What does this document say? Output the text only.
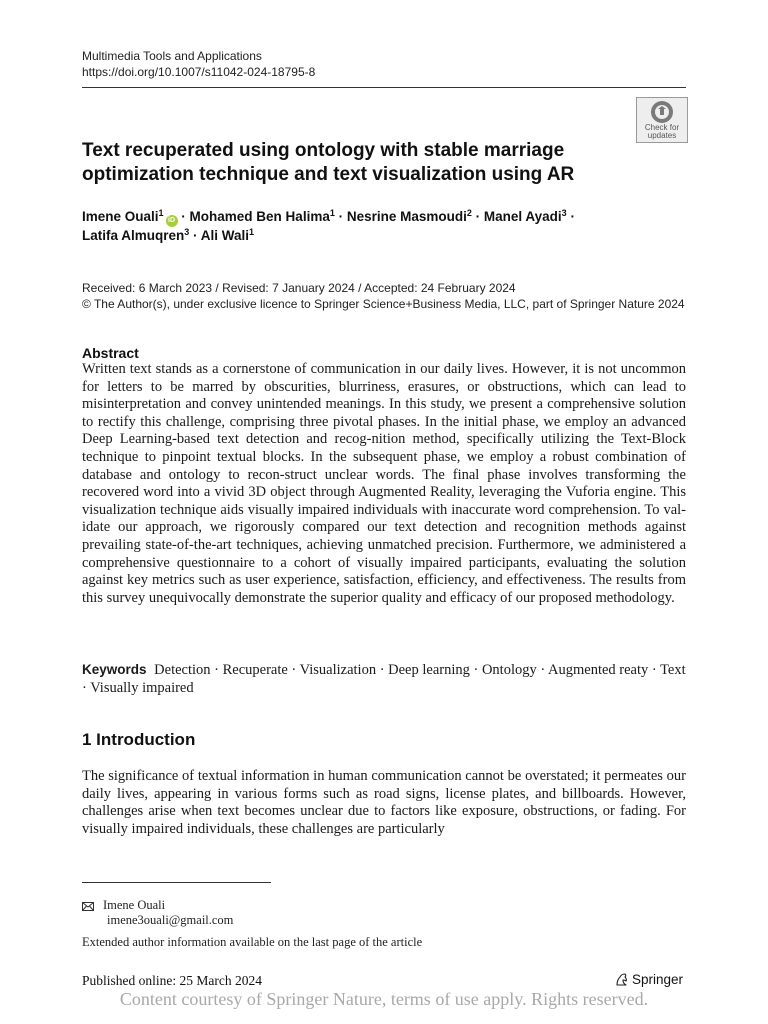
Multimedia Tools and Applications
https://doi.org/10.1007/s11042-024-18795-8
Check for
updates
Text recuperated using ontology with stable marriage optimization technique and text visualization using AR
Imene Ouali$^1$iD · Mohamed Ben Halima$^1$ · Nesrine Masmoudi$^2$ · Manel Ayadi$^3$ ·
Latifa Almuqren$^3$ · Ali Wali$^1$
Received: 6 March 2023 / Revised: 7 January 2024 / Accepted: 24 February 2024
© The Author(s), under exclusive licence to Springer Science+Business Media, LLC, part of Springer Nature 2024
Abstract
Written text stands as a cornerstone of communication in our daily lives. However, it is not uncommon for letters to be marred by obscurities, blurriness, erasures, or obstructions, which can lead to misinterpretation and convey unintended meanings. In this study, we present a comprehensive solution to rectify this challenge, comprising three pivotal phases. In the initial phase, we employ an advanced Deep Learning-based text detection and recog-nition method, specifically utilizing the Text-Block technique to pinpoint textual blocks. In the subsequent phase, we employ a robust combination of database and ontology to recon-struct unclear words. The final phase involves transforming the recovered word into a vivid 3D object through Augmented Reality, leveraging the Vuforia engine. This visualization technique aids visually impaired individuals with inaccurate word comprehension. To val-idate our approach, we rigorously compared our text detection and recognition methods against prevailing state-of-the-art techniques, achieving unmatched precision. Furthermore, we administered a comprehensive questionnaire to a cohort of visually impaired participants, evaluating the solution against key metrics such as user experience, satisfaction, efficiency, and effectiveness. The results from this survey unequivocally demonstrate the superior quality and efficacy of our proposed methodology.
Keywords Detection · Recuperate · Visualization · Deep learning · Ontology · Augmented reaty · Text · Visually impaired
1 Introduction
The significance of textual information in human communication cannot be overstated; it permeates our daily lives, appearing in various forms such as road signs, license plates, and billboards. However, challenges arise when text becomes unclear due to factors like exposure, obstructions, or fading. For visually impaired individuals, these challenges are particularly
Imene Ouali
imene3ouali@gmail.com
Extended author information available on the last page of the article
Published online: 25 March 2024	Springer
Content courtesy of Springer Nature, terms of use apply. Rights reserved.
